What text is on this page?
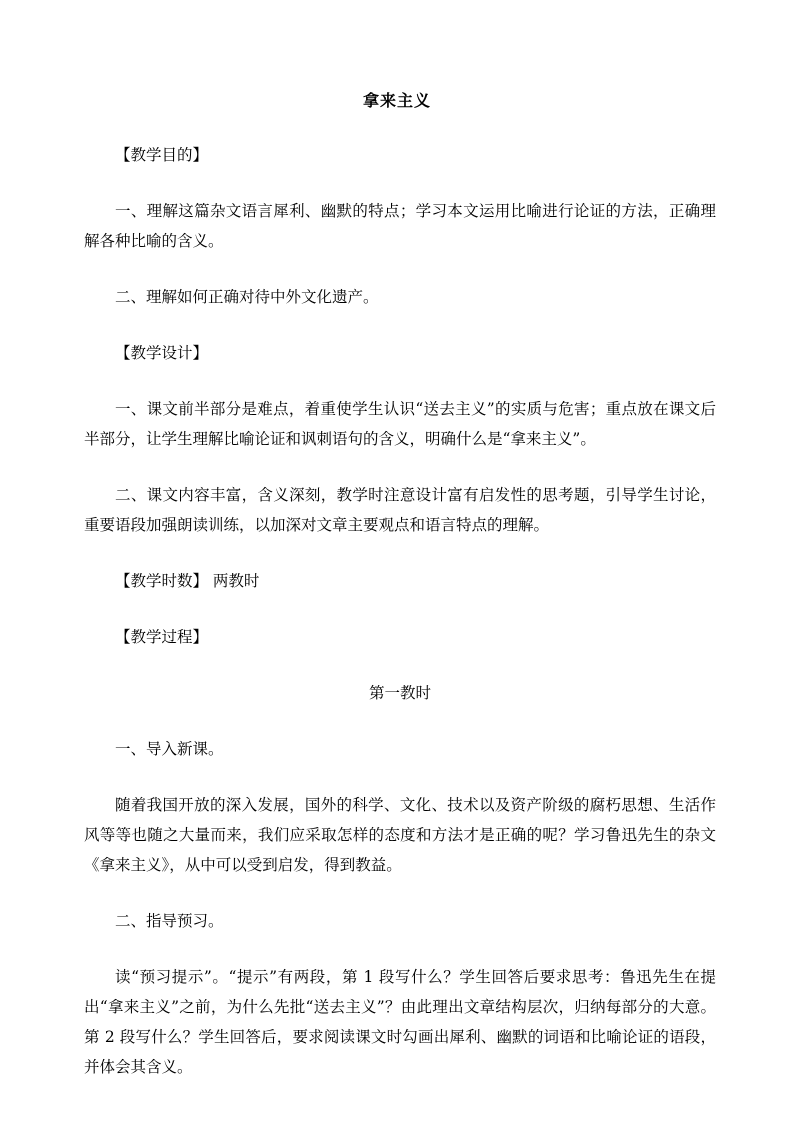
拿来主义

【教学目的】

一、理解这篇杂文语言犀利、幽默的特点；学习本文运用比喻进行论证的方法，正确理解各种比喻的含义。

二、理解如何正确对待中外文化遗产。

【教学设计】

一、课文前半部分是难点，着重使学生认识“送去主义”的实质与危害；重点放在课文后半部分，让学生理解比喻论证和讽刺语句的含义，明确什么是“拿来主义”。

二、课文内容丰富，含义深刻，教学时注意设计富有启发性的思考题，引导学生讨论，重要语段加强朗读训练，以加深对文章主要观点和语言特点的理解。

【教学时数】 两教时

【教学过程】

第一教时

一、导入新课。

随着我国开放的深入发展，国外的科学、文化、技术以及资产阶级的腐朽思想、生活作风等等也随之大量而来，我们应采取怎样的态度和方法才是正确的呢？学习鲁迅先生的杂文《拿来主义》，从中可以受到启发，得到教益。

二、指导预习。

读“预习提示”。“提示”有两段，第 1 段写什么？学生回答后要求思考：鲁迅先生在提出“拿来主义”之前，为什么先批“送去主义”？由此理出文章结构层次，归纳每部分的大意。第 2 段写什么？学生回答后，要求阅读课文时勾画出犀利、幽默的词语和比喻论证的语段，并体会其含义。
